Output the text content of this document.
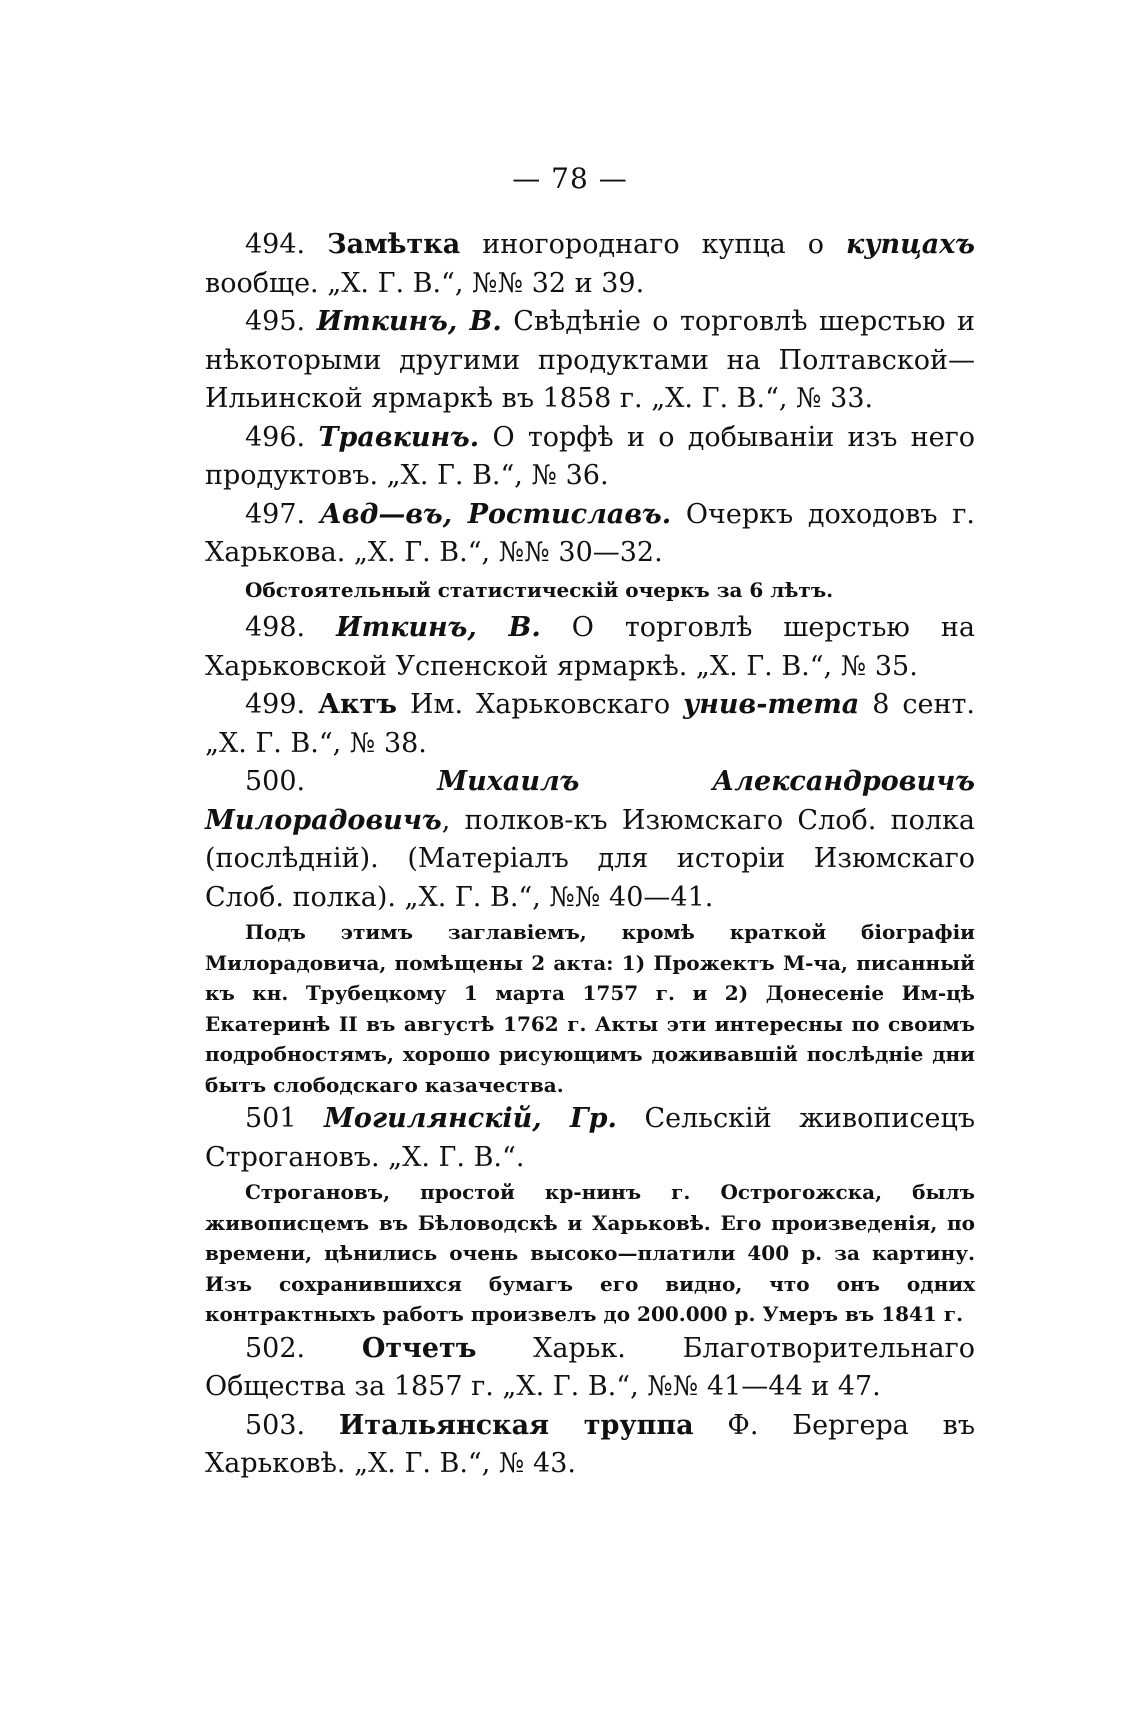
— 78 —

494. Замѣтка иногороднаго купца о купцахъ вообще. „Х. Г. В.“, №№ 32 и 39.

495. Иткинъ, В. Свѣдѣніе о торговлѣ шерстью и нѣкоторыми другими продуктами на Полтавской—Ильинской ярмаркѣ въ 1858 г. „Х. Г. В.“, № 33.

496. Травкинъ. О торфѣ и о добываніи изъ него продуктовъ. „Х. Г. В.“, № 36.

497. Авд—въ, Ростиславъ. Очеркъ доходовъ г. Харькова. „Х. Г. В.“, №№ 30—32.

Обстоятельный статистическій очеркъ за 6 лѣтъ.

498. Иткинъ, В. О торговлѣ шерстью на Харьковской Успенской ярмаркѣ. „Х. Г. В.“, № 35.

499. Актъ Им. Харьковскаго унив-тета 8 сент. „Х. Г. В.“, № 38.

500. Михаилъ Александровичъ Милорадовичъ, полков-къ Изюмскаго Слоб. полка (послѣдній). (Матеріалъ для исторіи Изюмскаго Слоб. полка). „Х. Г. В.“, №№ 40—41.

Подъ этимъ заглавіемъ, кромѣ краткой біографіи Милорадовича, помѣщены 2 акта: 1) Прожектъ М-ча, писанный къ кн. Трубецкому 1 марта 1757 г. и 2) Донесеніе Им-цѣ Екатеринѣ II въ августѣ 1762 г. Акты эти интересны по своимъ подробностямъ, хорошо рисующимъ доживавшій послѣдніе дни бытъ слободскаго казачества.

501 Могилянскій, Гр. Сельскій живописецъ Строгановъ. „Х. Г. В.“.

Строгановъ, простой кр-нинъ г. Острогожска, былъ живописцемъ въ Бѣловодскѣ и Харьковѣ. Его произведенія, по времени, цѣнились очень высоко—платили 400 р. за картину. Изъ сохранившихся бумагъ его видно, что онъ одних контрактныхъ работъ произвелъ до 200.000 р. Умеръ въ 1841 г.

502. Отчетъ Харьк. Благотворительнаго Общества за 1857 г. „Х. Г. В.“, №№ 41—44 и 47.

503. Итальянская труппа Ф. Бергера въ Харьковѣ. „Х. Г. В.“, № 43.
